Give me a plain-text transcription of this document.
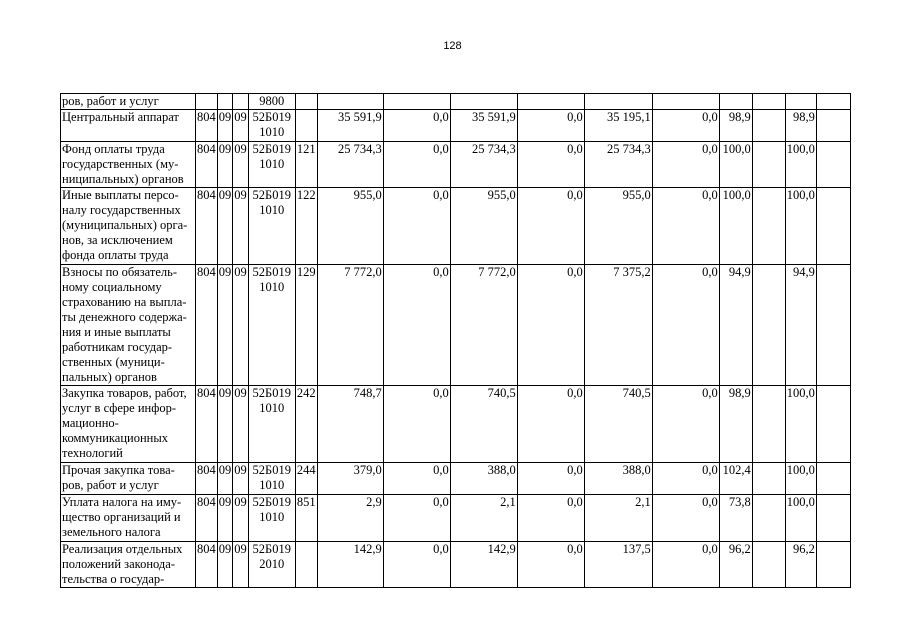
128
ров, работ и услуг				9800											
Центральный аппарат	804	09	09	52Б019 1010		35 591,9	0,0	35 591,9	0,0	35 195,1	0,0	98,9		98,9	
Фонд оплаты труда государственных (му-ниципальных) органов	804	09	09	52Б019 1010	121	25 734,3	0,0	25 734,3	0,0	25 734,3	0,0	100,0		100,0	
Иные выплаты персо-налу государственных (муниципальных) орга-нов, за исключением фонда оплаты труда	804	09	09	52Б019 1010	122	955,0	0,0	955,0	0,0	955,0	0,0	100,0		100,0	
Взносы по обязатель-ному социальному страхованию на выпла-ты денежного содержа-ния и иные выплаты работникам государ-ственных (муници-пальных) органов	804	09	09	52Б019 1010	129	7 772,0	0,0	7 772,0	0,0	7 375,2	0,0	94,9		94,9	
Закупка товаров, работ, услуг в сфере инфор-мационно-коммуникационных технологий	804	09	09	52Б019 1010	242	748,7	0,0	740,5	0,0	740,5	0,0	98,9		100,0	
Прочая закупка това-ров, работ и услуг	804	09	09	52Б019 1010	244	379,0	0,0	388,0	0,0	388,0	0,0	102,4		100,0	
Уплата налога на иму-щество организаций и земельного налога	804	09	09	52Б019 1010	851	2,9	0,0	2,1	0,0	2,1	0,0	73,8		100,0	
Реализация отдельных положений законода-тельства о государ-	804	09	09	52Б019 2010		142,9	0,0	142,9	0,0	137,5	0,0	96,2		96,2	
